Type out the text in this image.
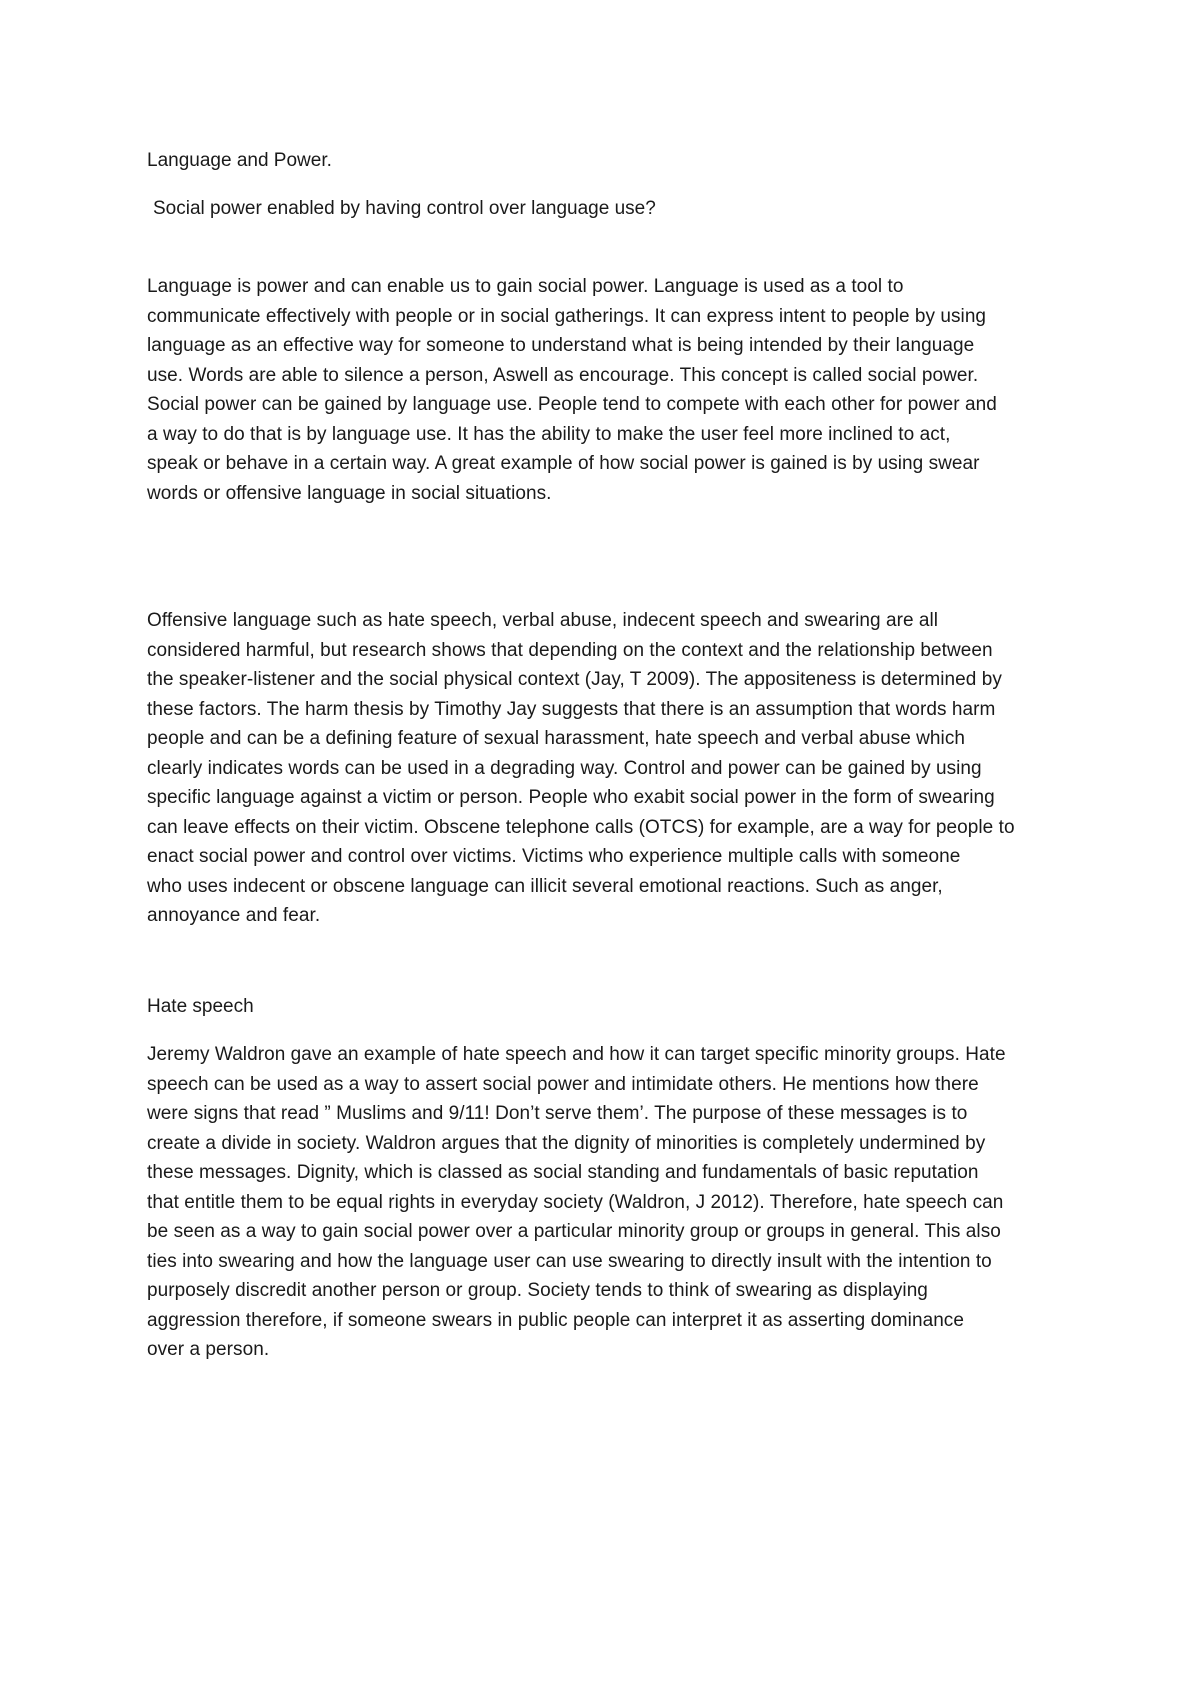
Language and Power.
Social power enabled by having control over language use?

Language is power and can enable us to gain social power. Language is used as a tool to

communicate effectively with people or in social gatherings. It can express intent to people by using

language as an effective way for someone to understand what is being intended by their language

use. Words are able to silence a person, Aswell as encourage. This concept is called social power.

Social power can be gained by language use. People tend to compete with each other for power and

a way to do that is by language use. It has the ability to make the user feel more inclined to act,

speak or behave in a certain way. A great example of how social power is gained is by using swear

words or offensive language in social situations.

Offensive language such as hate speech, verbal abuse, indecent speech and swearing are all

considered harmful, but research shows that depending on the context and the relationship between

the speaker-listener and the social physical context (Jay, T 2009). The appositeness is determined by

these factors. The harm thesis by Timothy Jay suggests that there is an assumption that words harm

people and can be a defining feature of sexual harassment, hate speech and verbal abuse which

clearly indicates words can be used in a degrading way. Control and power can be gained by using

specific language against a victim or person. People who exabit social power in the form of swearing

can leave effects on their victim. Obscene telephone calls (OTCS) for example, are a way for people to

enact social power and control over victims. Victims who experience multiple calls with someone

who uses indecent or obscene language can illicit several emotional reactions. Such as anger,

annoyance and fear.

Hate speech

Jeremy Waldron gave an example of hate speech and how it can target specific minority groups. Hate

speech can be used as a way to assert social power and intimidate others. He mentions how there

were signs that read ” Muslims and 9/11! Don’t serve them’. The purpose of these messages is to

create a divide in society. Waldron argues that the dignity of minorities is completely undermined by

these messages. Dignity, which is classed as social standing and fundamentals of basic reputation

that entitle them to be equal rights in everyday society (Waldron, J 2012). Therefore, hate speech can

be seen as a way to gain social power over a particular minority group or groups in general. This also

ties into swearing and how the language user can use swearing to directly insult with the intention to

purposely discredit another person or group. Society tends to think of swearing as displaying

aggression therefore, if someone swears in public people can interpret it as asserting dominance

over a person.
